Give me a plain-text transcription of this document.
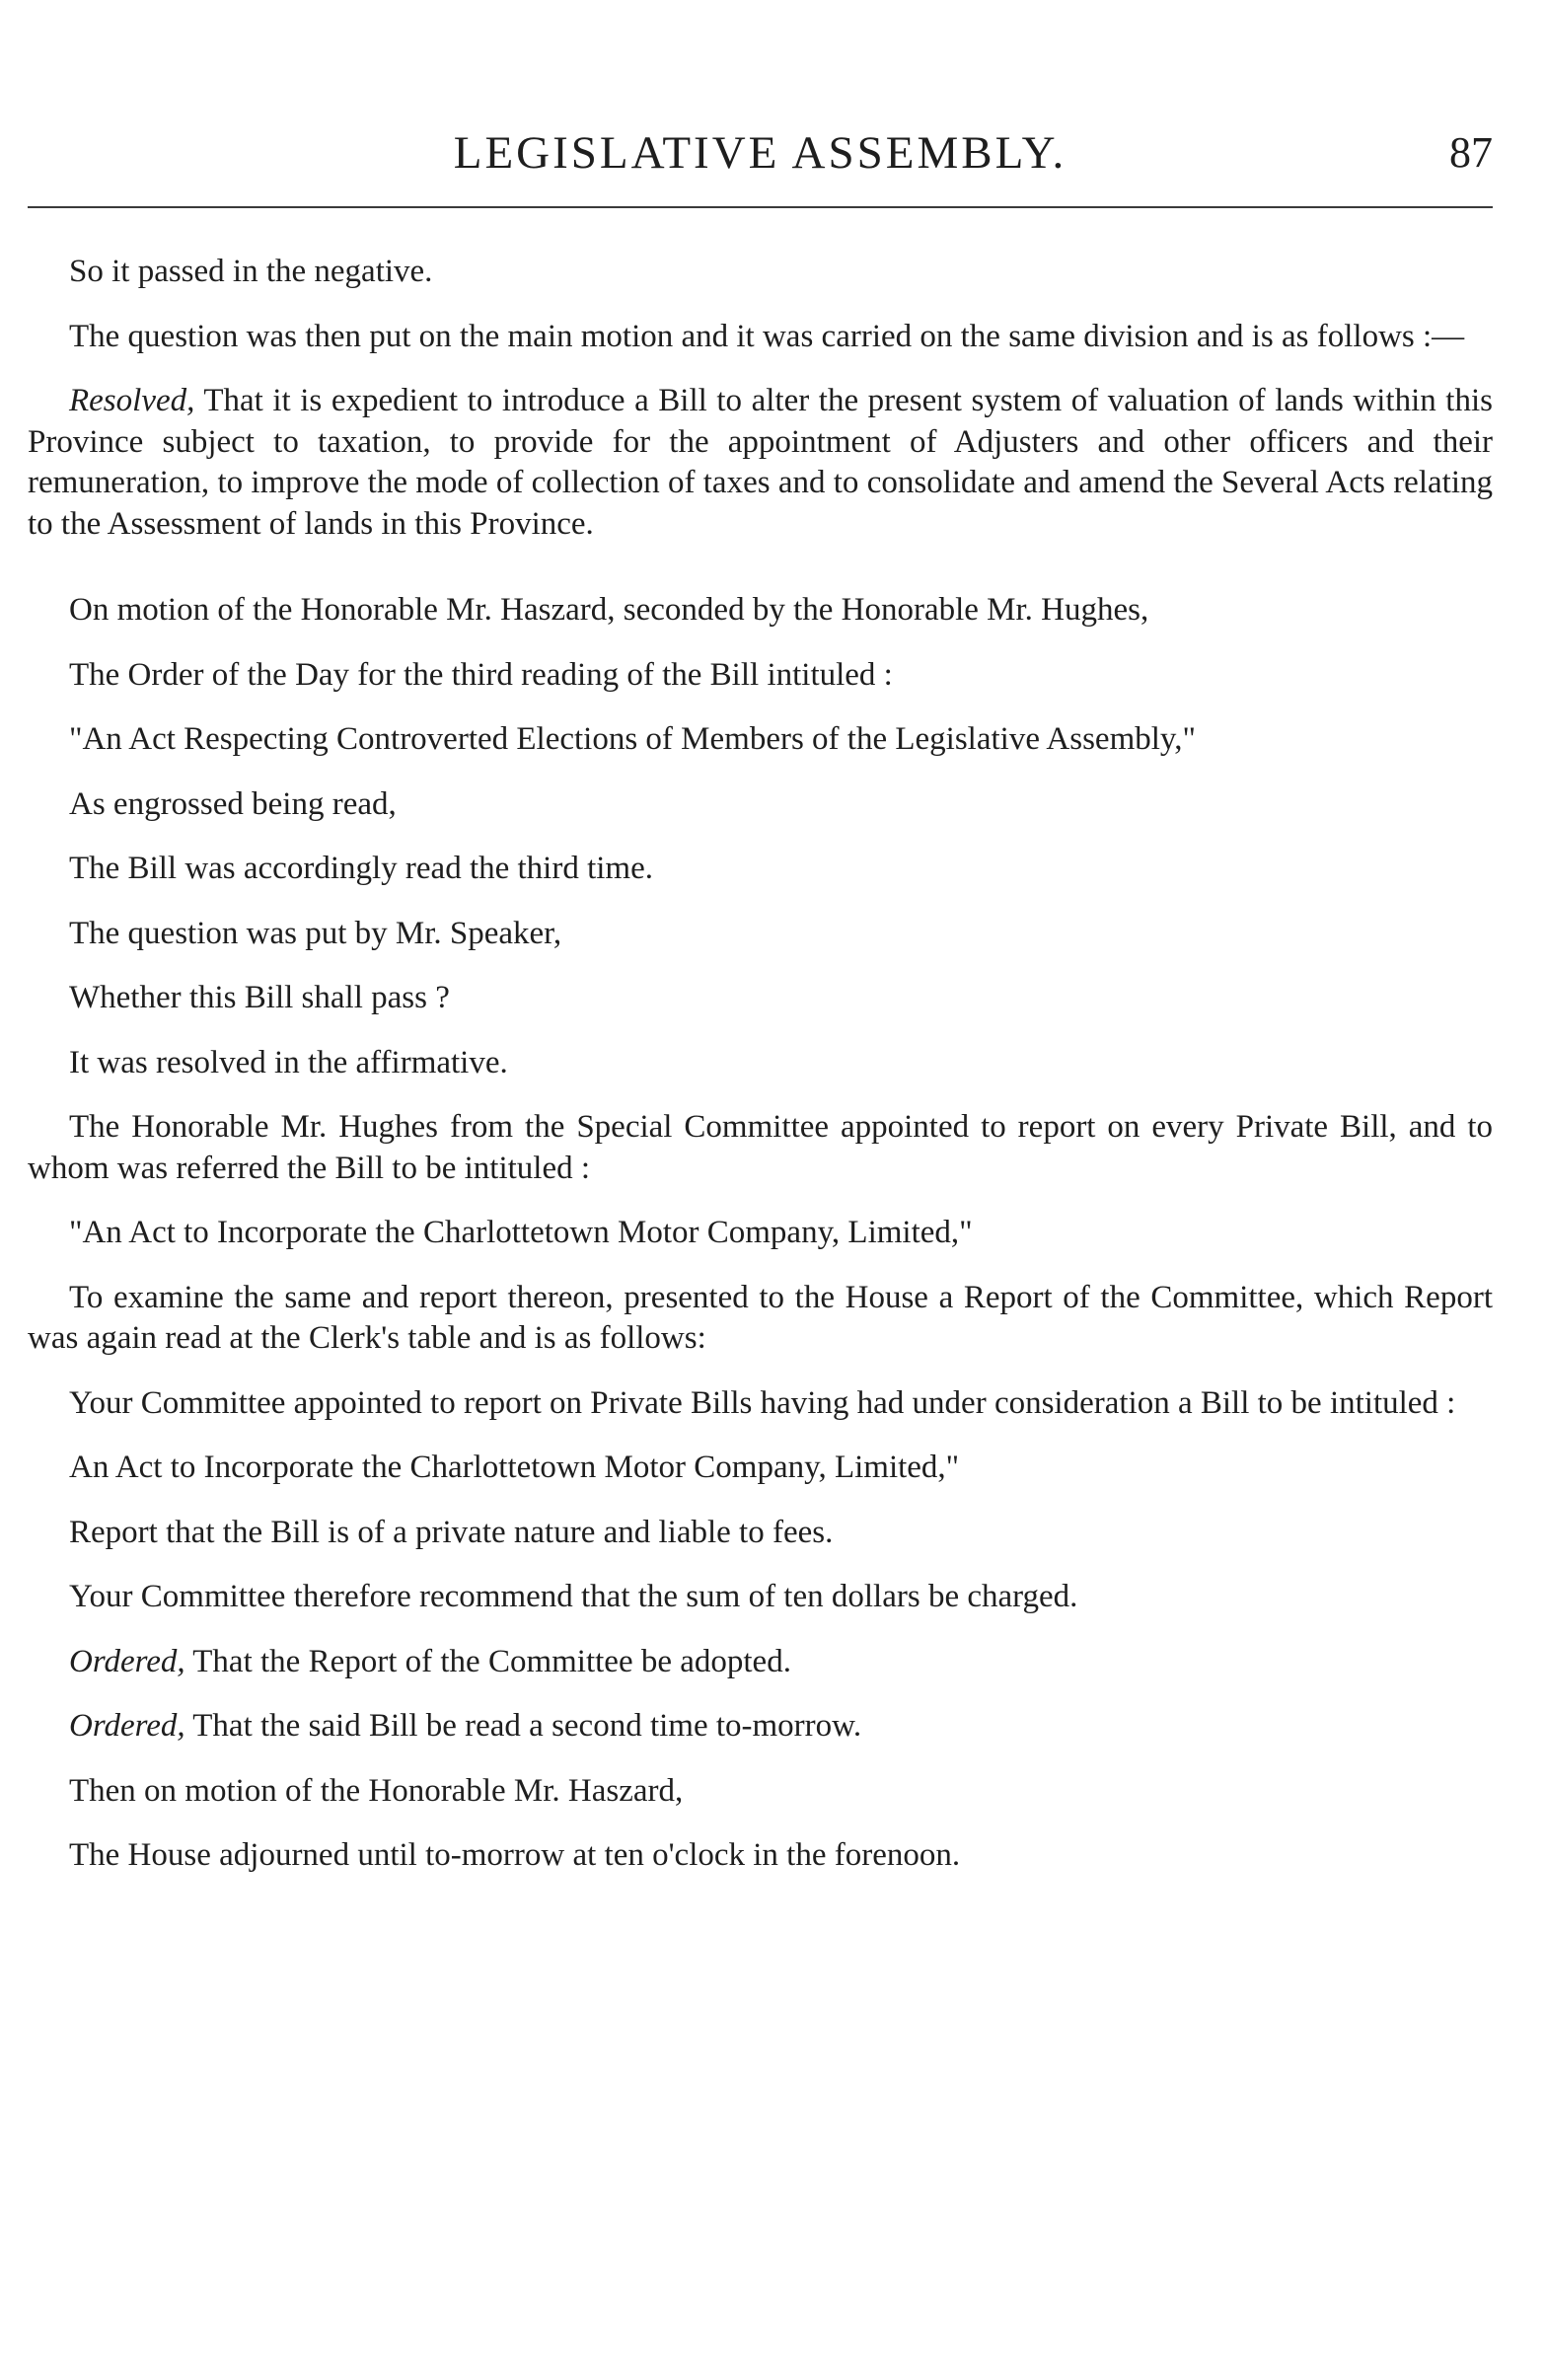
LEGISLATIVE ASSEMBLY.	87

So it passed in the negative.

The question was then put on the main motion and it was carried on the same division and is as follows :—

Resolved, That it is expedient to introduce a Bill to alter the present system of valuation of lands within this Province subject to taxation, to provide for the appointment of Adjusters and other officers and their remuneration, to improve the mode of collection of taxes and to consolidate and amend the Several Acts relating to the Assessment of lands in this Province.

On motion of the Honorable Mr. Haszard, seconded by the Honorable Mr. Hughes,

The Order of the Day for the third reading of the Bill intituled :

"An Act Respecting Controverted Elections of Members of the Legislative Assembly,"

As engrossed being read,

The Bill was accordingly read the third time.

The question was put by Mr. Speaker,

Whether this Bill shall pass ?

It was resolved in the affirmative.

The Honorable Mr. Hughes from the Special Committee appointed to report on every Private Bill, and to whom was referred the Bill to be intituled :

"An Act to Incorporate the Charlottetown Motor Company, Limited,"

To examine the same and report thereon, presented to the House a Report of the Committee, which Report was again read at the Clerk's table and is as follows:

Your Committee appointed to report on Private Bills having had under consideration a Bill to be intituled :

An Act to Incorporate the Charlottetown Motor Company, Limited,"

Report that the Bill is of a private nature and liable to fees.

Your Committee therefore recommend that the sum of ten dollars be charged.

Ordered, That the Report of the Committee be adopted.

Ordered, That the said Bill be read a second time to-morrow.

Then on motion of the Honorable Mr. Haszard,

The House adjourned until to-morrow at ten o'clock in the forenoon.
